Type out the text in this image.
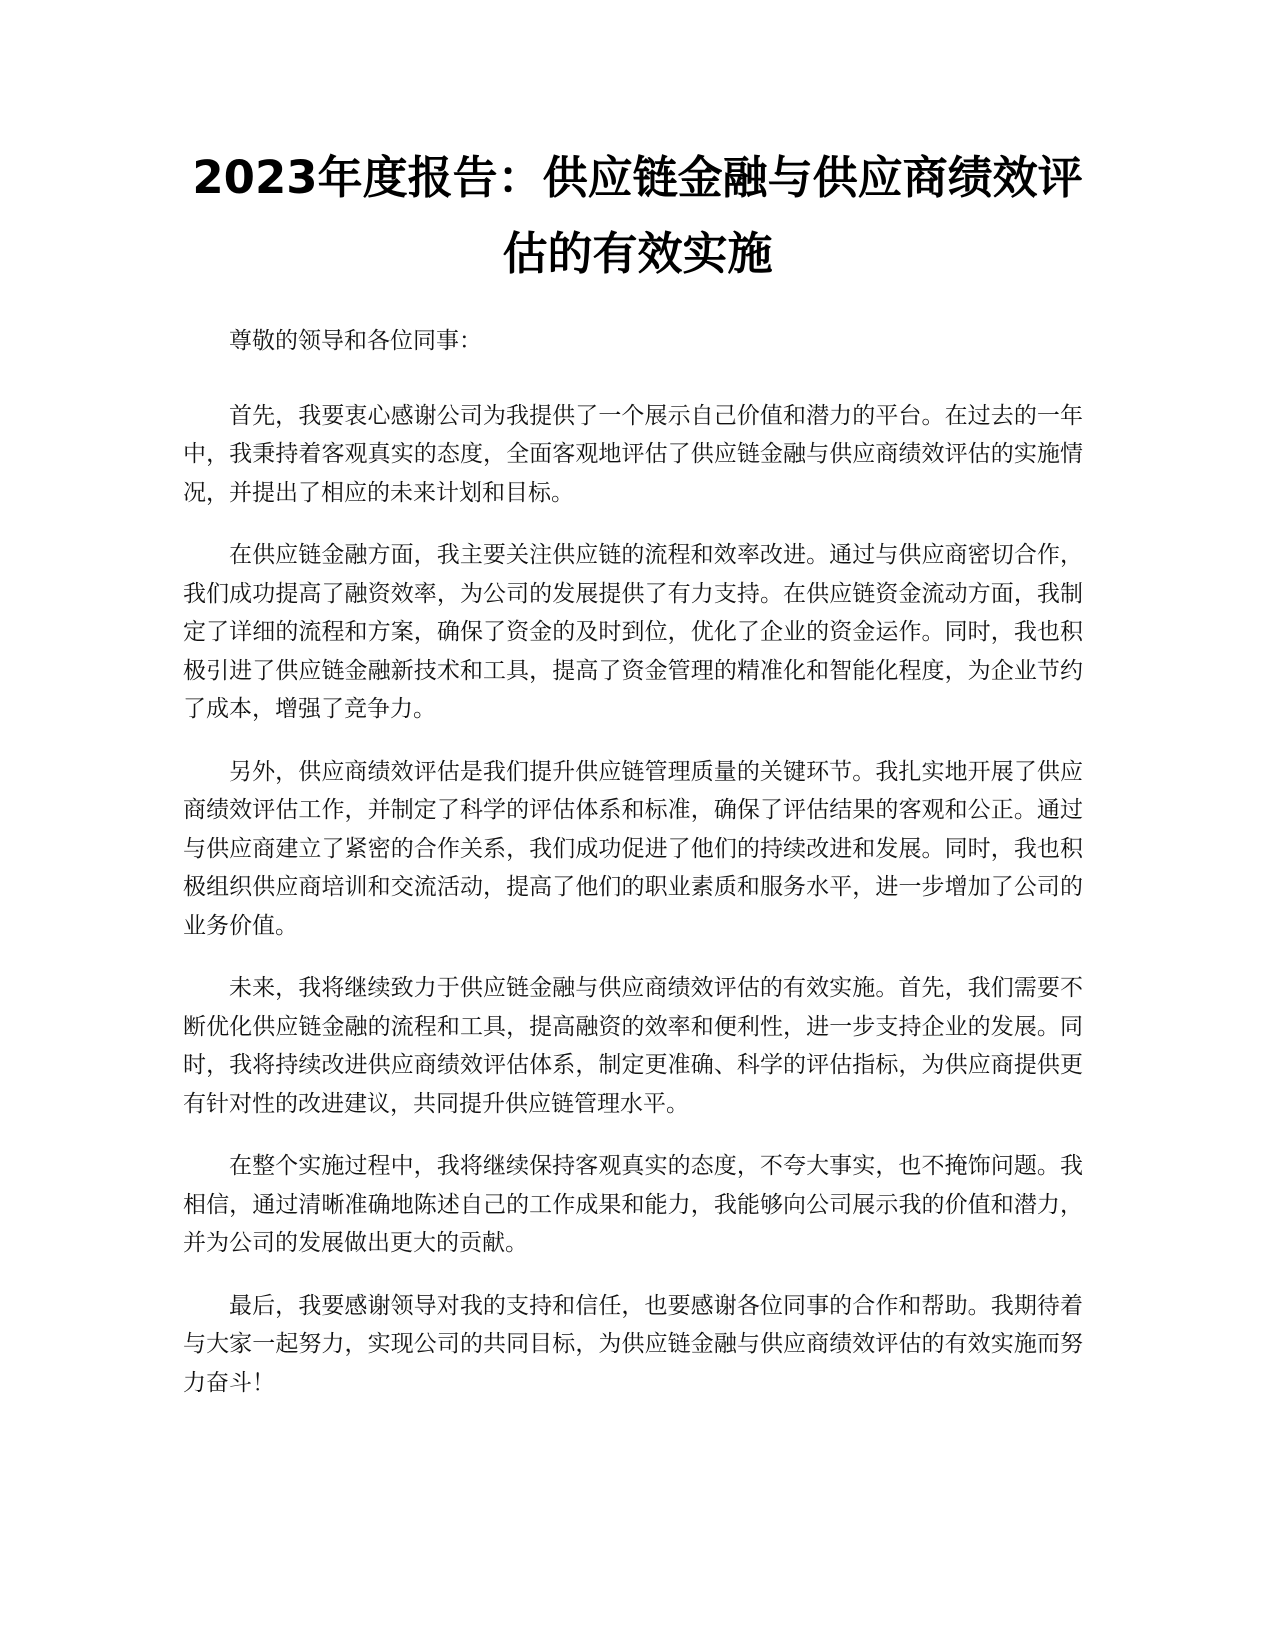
2023年度报告：供应链金融与供应商绩效评
估的有效实施

尊敬的领导和各位同事：

首先，我要衷心感谢公司为我提供了一个展示自己价值和潜力的平台。在过去的一年中，我秉持着客观真实的态度，全面客观地评估了供应链金融与供应商绩效评估的实施情况，并提出了相应的未来计划和目标。

在供应链金融方面，我主要关注供应链的流程和效率改进。通过与供应商密切合作，我们成功提高了融资效率，为公司的发展提供了有力支持。在供应链资金流动方面，我制定了详细的流程和方案，确保了资金的及时到位，优化了企业的资金运作。同时，我也积极引进了供应链金融新技术和工具，提高了资金管理的精准化和智能化程度，为企业节约了成本，增强了竞争力。

另外，供应商绩效评估是我们提升供应链管理质量的关键环节。我扎实地开展了供应商绩效评估工作，并制定了科学的评估体系和标准，确保了评估结果的客观和公正。通过与供应商建立了紧密的合作关系，我们成功促进了他们的持续改进和发展。同时，我也积极组织供应商培训和交流活动，提高了他们的职业素质和服务水平，进一步增加了公司的业务价值。

未来，我将继续致力于供应链金融与供应商绩效评估的有效实施。首先，我们需要不断优化供应链金融的流程和工具，提高融资的效率和便利性，进一步支持企业的发展。同时，我将持续改进供应商绩效评估体系，制定更准确、科学的评估指标，为供应商提供更有针对性的改进建议，共同提升供应链管理水平。

在整个实施过程中，我将继续保持客观真实的态度，不夸大事实，也不掩饰问题。我相信，通过清晰准确地陈述自己的工作成果和能力，我能够向公司展示我的价值和潜力，并为公司的发展做出更大的贡献。

最后，我要感谢领导对我的支持和信任，也要感谢各位同事的合作和帮助。我期待着与大家一起努力，实现公司的共同目标，为供应链金融与供应商绩效评估的有效实施而努力奋斗！
